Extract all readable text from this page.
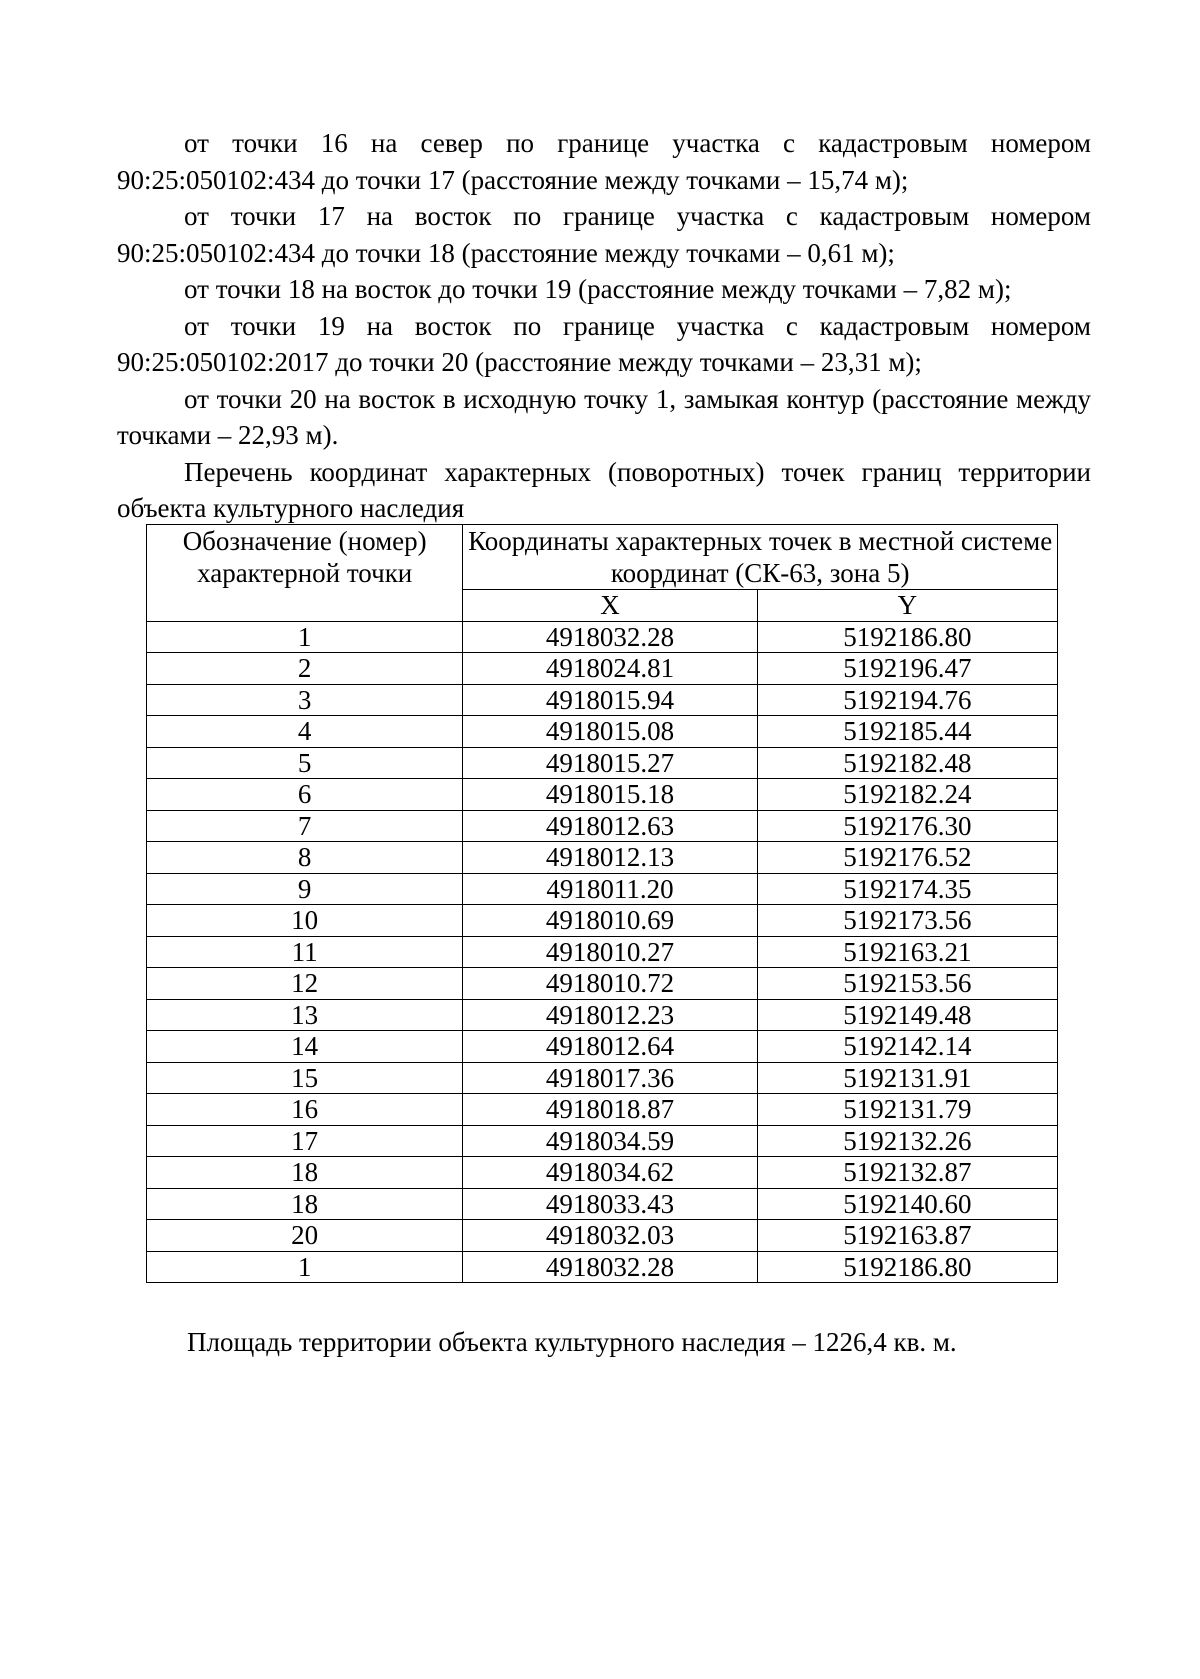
от точки 16 на север по границе участка с кадастровым номером 90:25:050102:434 до точки 17 (расстояние между точками – 15,74 м);

от точки 17 на восток по границе участка с кадастровым номером 90:25:050102:434 до точки 18 (расстояние между точками – 0,61 м);

от точки 18 на восток до точки 19 (расстояние между точками – 7,82 м);

от точки 19 на восток по границе участка с кадастровым номером 90:25:050102:2017 до точки 20 (расстояние между точками – 23,31 м);

от точки 20 на восток в исходную точку 1, замыкая контур (расстояние между точками – 22,93 м).

Перечень координат характерных (поворотных) точек границ территории объекта культурного наследия

Обозначение (номер) характерной точки	Координаты характерных точек в местной системе координат (СК-63, зона 5)	
	X	Y
1	4918032.28	5192186.80
2	4918024.81	5192196.47
3	4918015.94	5192194.76
4	4918015.08	5192185.44
5	4918015.27	5192182.48
6	4918015.18	5192182.24
7	4918012.63	5192176.30
8	4918012.13	5192176.52
9	4918011.20	5192174.35
10	4918010.69	5192173.56
11	4918010.27	5192163.21
12	4918010.72	5192153.56
13	4918012.23	5192149.48
14	4918012.64	5192142.14
15	4918017.36	5192131.91
16	4918018.87	5192131.79
17	4918034.59	5192132.26
18	4918034.62	5192132.87
18	4918033.43	5192140.60
20	4918032.03	5192163.87
1	4918032.28	5192186.80

Площадь территории объекта культурного наследия – 1226,4 кв. м.
